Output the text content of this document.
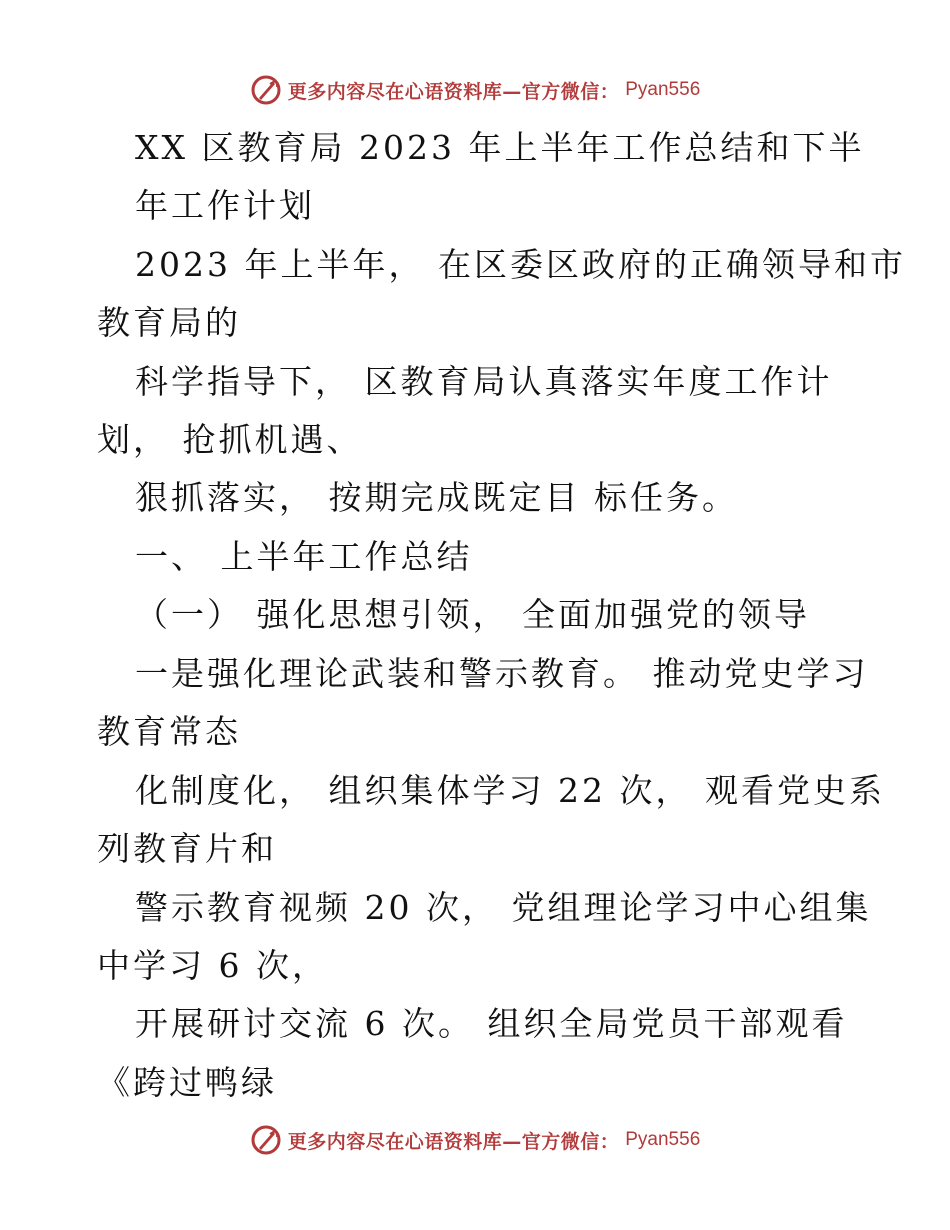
更多内容尽在心语资料库—官方微信： Pyan556
XX 区教育局 2023 年上半年工作总结和下半
年工作计划
2023 年上半年， 在区委区政府的正确领导和市
教育局的
科学指导下， 区教育局认真落实年度工作计
划， 抢抓机遇、
狠抓落实， 按期完成既定目 标任务。
一、 上半年工作总结
（一） 强化思想引领， 全面加强党的领导
一是强化理论武装和警示教育。 推动党史学习
教育常态
化制度化， 组织集体学习 22 次， 观看党史系
列教育片和
警示教育视频 20 次， 党组理论学习中心组集
中学习 6 次，
开展研讨交流 6 次。 组织全局党员干部观看
《跨过鸭绿
更多内容尽在心语资料库—官方微信： Pyan556
